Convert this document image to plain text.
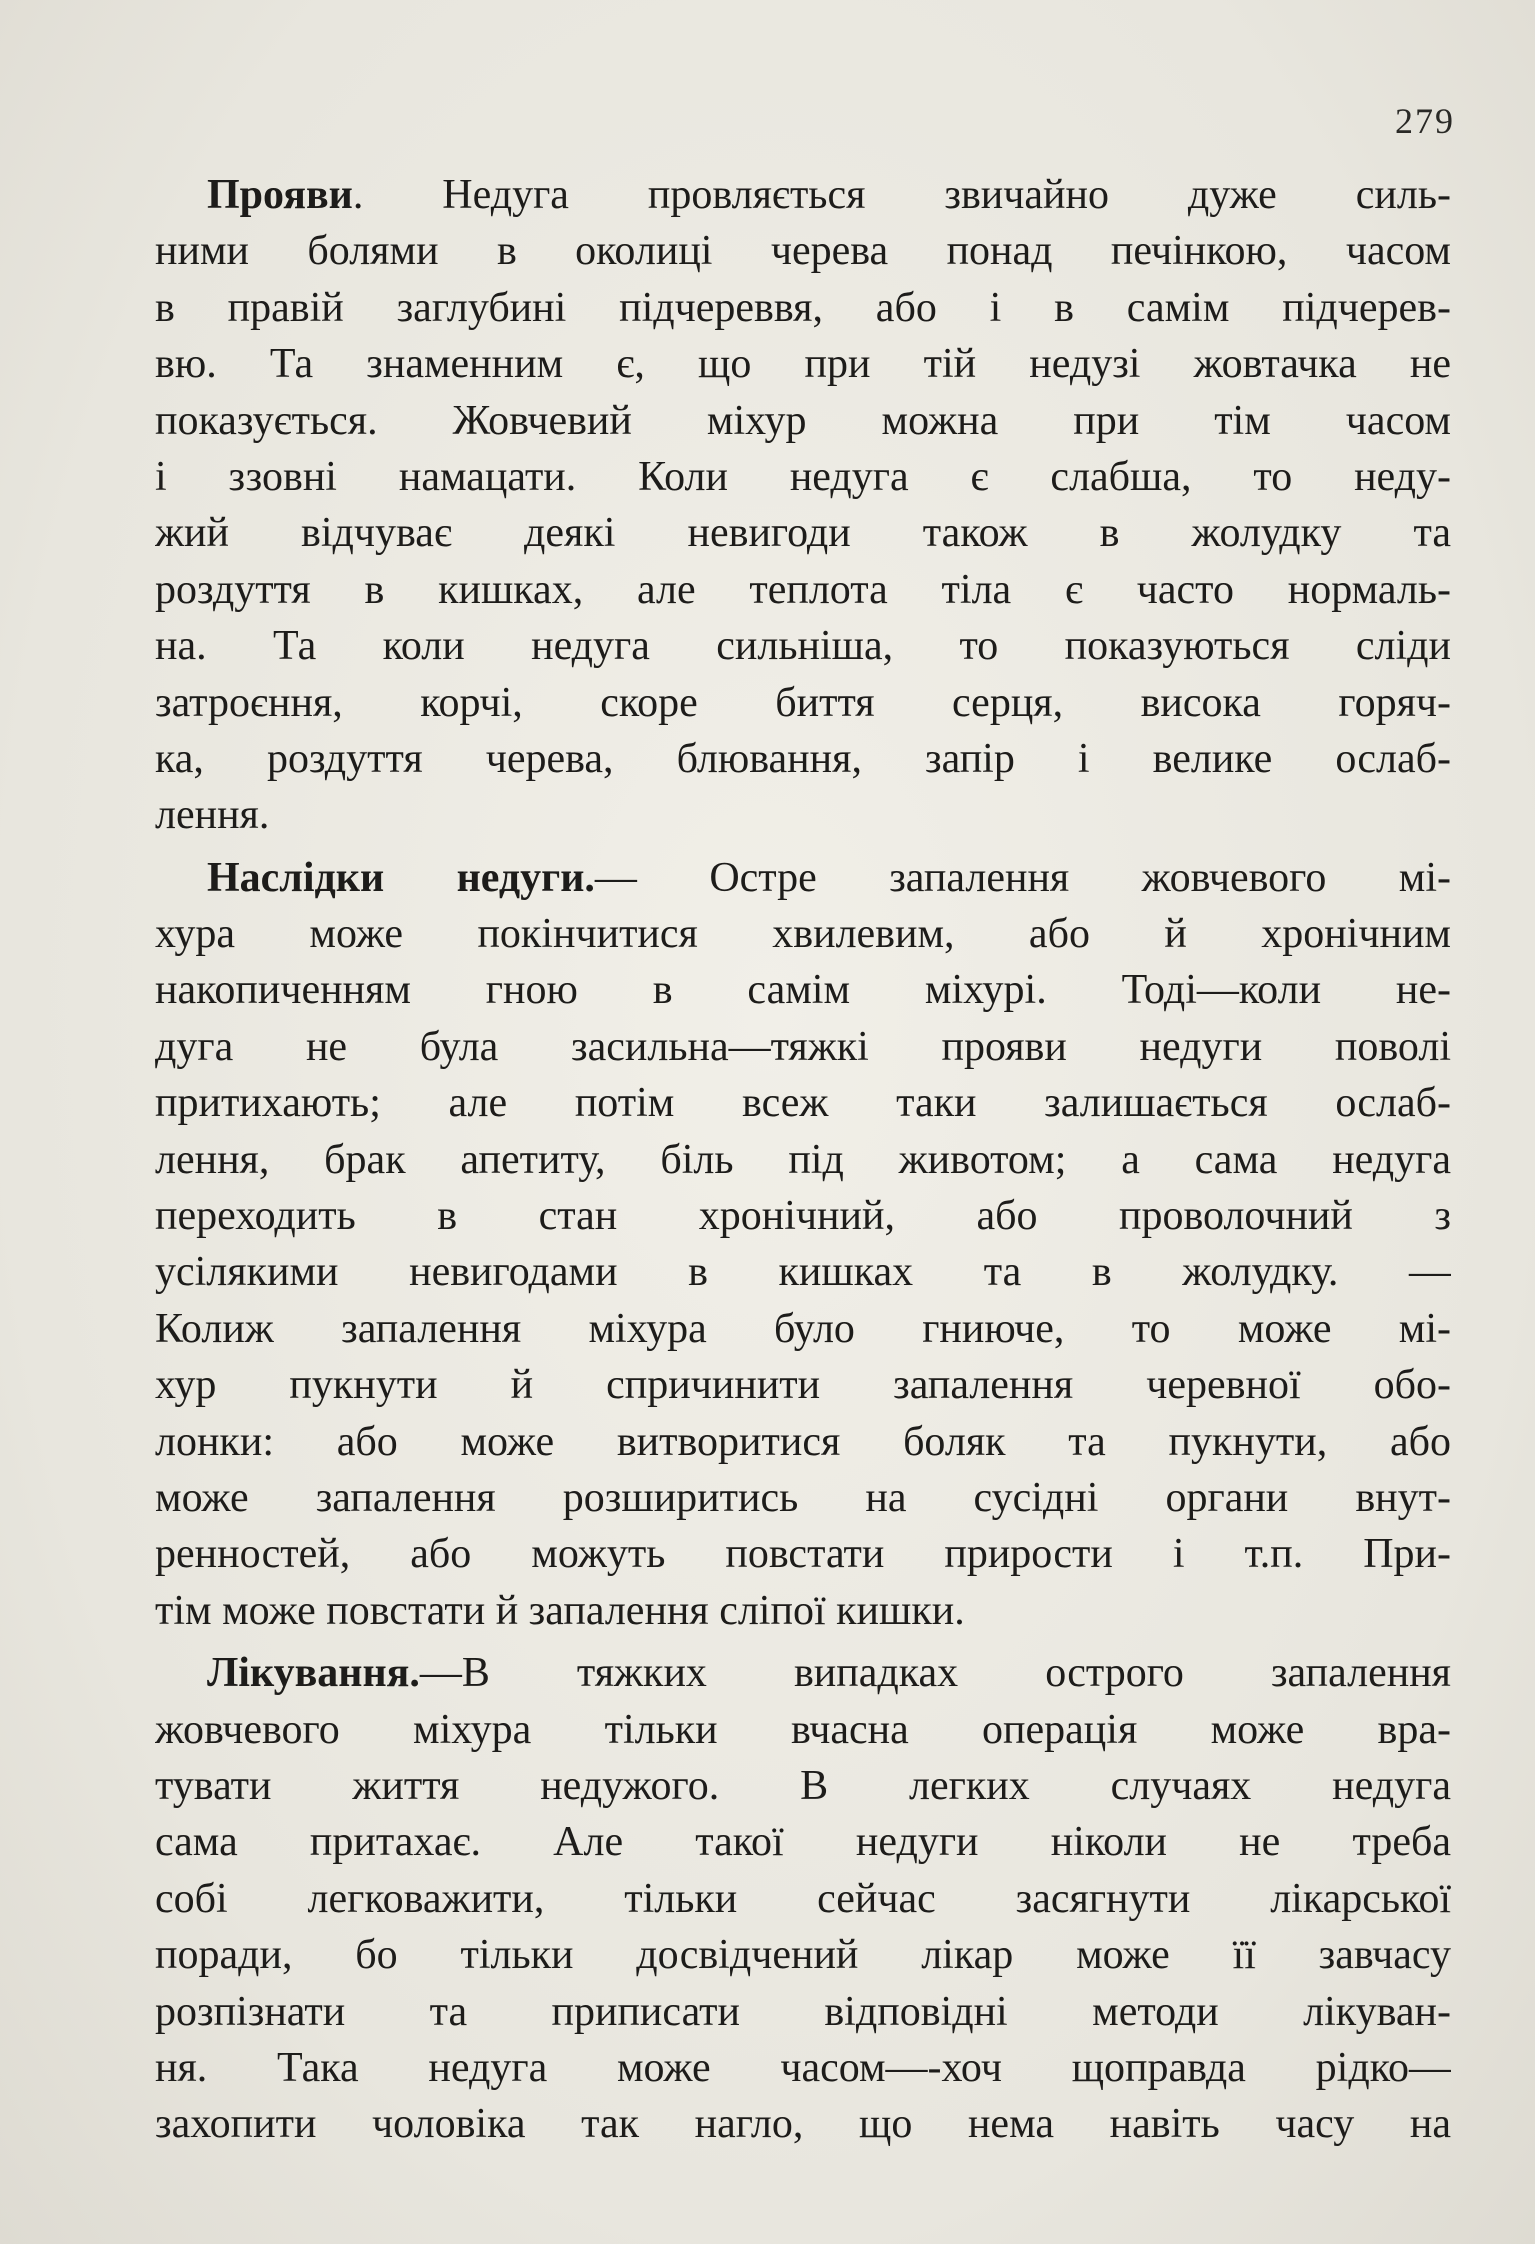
279
Прояви. Недуга провляється звичайно дуже силь-
ними болями в околиці черева понад печінкою, часом
в правій заглубині підчереввя, або і в самім підчерев-
вю. Та знаменним є, що при тій недузі жовтачка не
показується. Жовчевий міхур можна при тім часом
і ззовні намацати. Коли недуга є слабша, то неду-
жий відчуває деякі невигоди також в жолудку та
роздуття в кишках, але теплота тіла є часто нормаль-
на. Та коли недуга сильніша, то показуються сліди
затроєння, корчі, скоре биття серця, висока горяч-
ка, роздуття черева, блювання, запір і велике ослаб-
лення.
Наслідки недуги.— Остре запалення жовчевого мі-
хура може покінчитися хвилевим, або й хронічним
накопиченням гною в самім міхурі. Тоді—коли не-
дуга не була засильна—тяжкі прояви недуги поволі
притихають; але потім всеж таки залишається ослаб-
лення, брак апетиту, біль під животом; а сама недуга
переходить в стан хронічний, або проволочний з
усілякими невигодами в кишках та в жолудку. —
Колиж запалення міхура було гниюче, то може мі-
хур пукнути й спричинити запалення черевної обо-
лонки: або може витворитися боляк та пукнути, або
може запалення розширитись на сусідні органи внут-
ренностей, або можуть повстати прирости і т.п. При-
тім може повстати й запалення сліпої кишки.
Лікування.—В тяжких випадках острого запалення
жовчевого міхура тільки вчасна операція може вра-
тувати життя недужого. В легких случаях недуга
сама притахає. Але такої недуги ніколи не треба
собі легковажити, тільки сейчас засягнути лікарської
поради, бо тільки досвідчений лікар може її завчасу
розпізнати та приписати відповідні методи лікуван-
ня. Така недуга може часом—-хоч щоправда рідко—
захопити чоловіка так нагло, що нема навіть часу на
